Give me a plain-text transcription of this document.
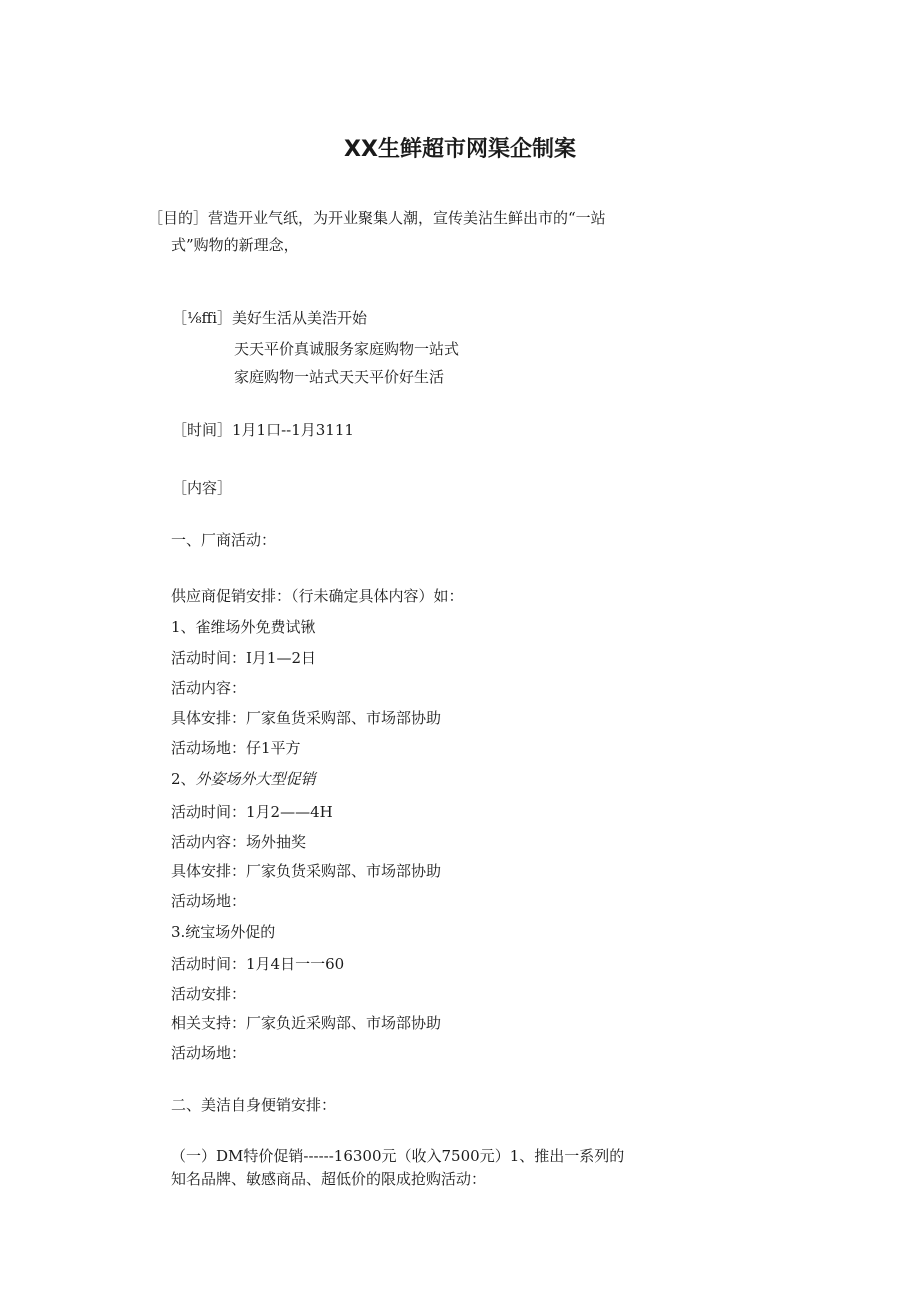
XX生鲜超市网渠企制案
［目的］营造开业气纸，为开业聚集人潮，宣传美沾生鲜出市的“一站
式”购物的新理念，
［⅛ffi］美好生活从美浩开始
天天平价真诚服务家庭购物一站式
家庭购物一站式天天平价好生活
［时间］1月1口--1月3111
［内容］
一、厂商活动：
供应商促销安排：（行未确定具体内容）如：
1、雀维场外免费试锹
活动时间：I月1—2日
活动内容：
具体安排：厂家鱼货采购部、市场部协助
活动场地：仔1平方
2、外姿场外大型促销
活动时间：1月2——4H
活动内容：场外抽奖
具体安排：厂家负货采购部、市场部协助
活动场地：
3.统宝场外促的
活动时间：1月4日一一60
活动安排：
相关支持：厂家负近采购部、市场部协助
活动场地：
二、美洁自身便销安排：
（一）DM特价促销------16300元（收入7500元）1、推出一系列的
知名品牌、敏感商品、超低价的限成抢购活动：
